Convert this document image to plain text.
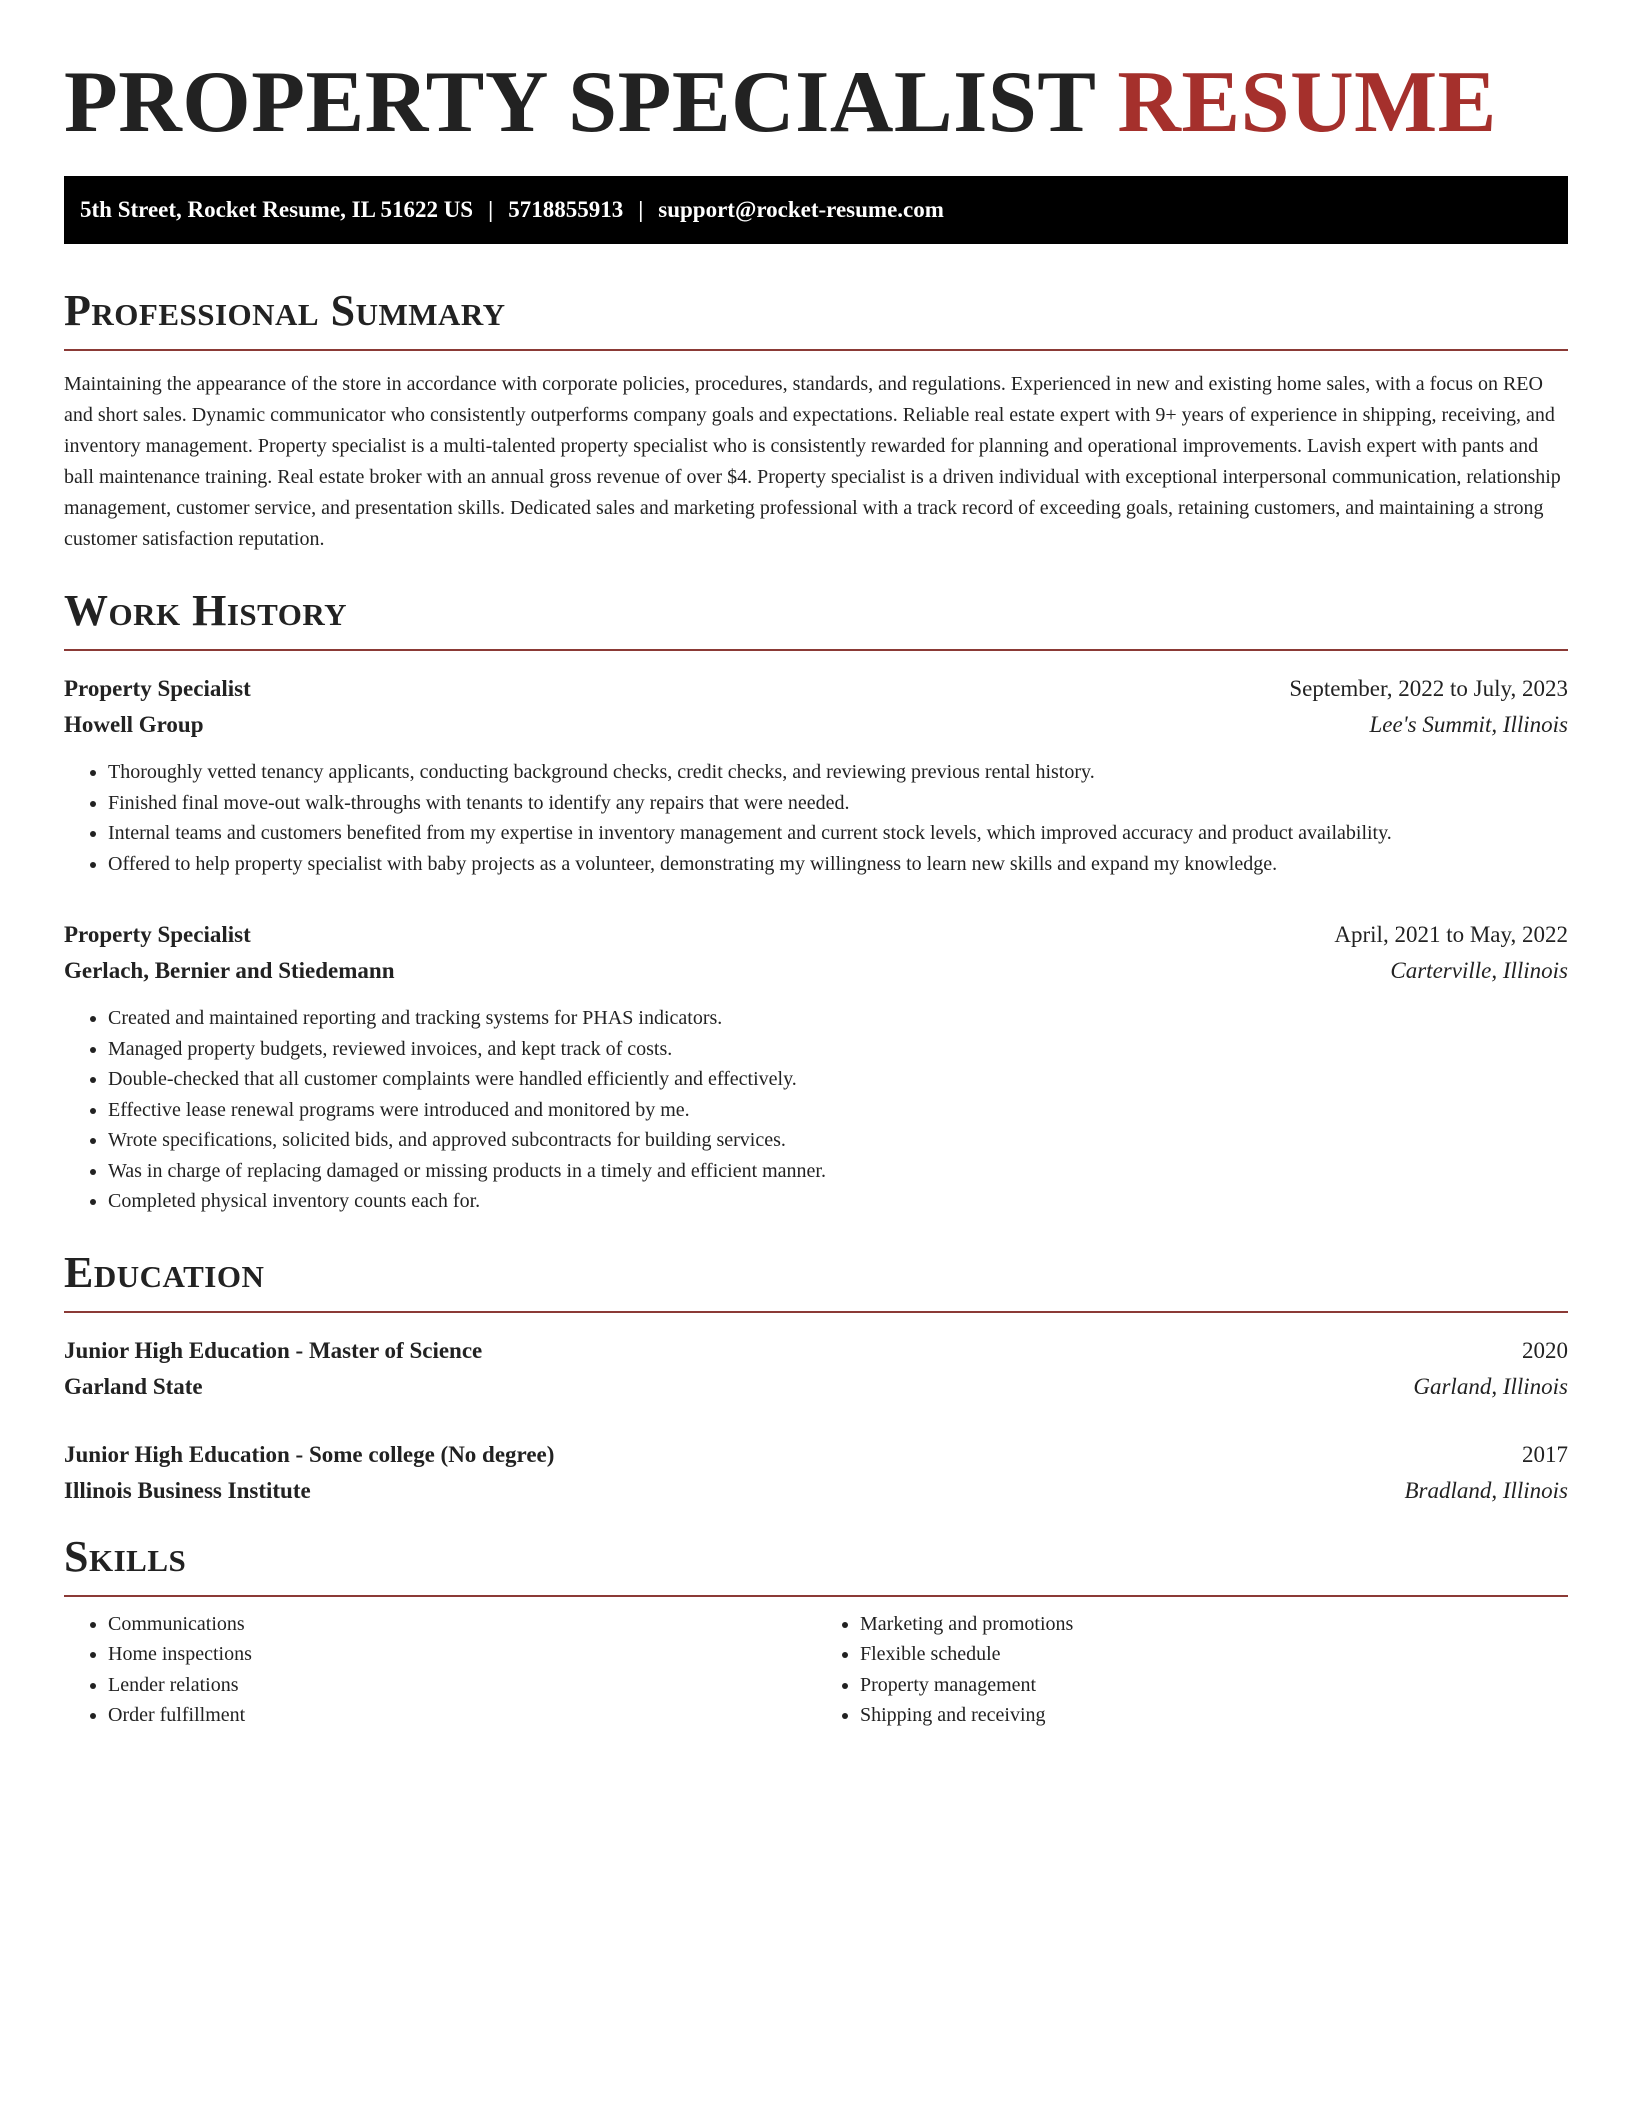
PROPERTY SPECIALIST RESUME
5th Street, Rocket Resume, IL 51622 US | 5718855913 | support@rocket-resume.com
Professional Summary

Maintaining the appearance of the store in accordance with corporate policies, procedures, standards, and regulations. Experienced in new and existing home sales, with a focus on REO and short sales. Dynamic communicator who consistently outperforms company goals and expectations. Reliable real estate expert with 9+ years of experience in shipping, receiving, and inventory management. Property specialist is a multi-talented property specialist who is consistently rewarded for planning and operational improvements. Lavish expert with pants and ball maintenance training. Real estate broker with an annual gross revenue of over $4. Property specialist is a driven individual with exceptional interpersonal communication, relationship management, customer service, and presentation skills. Dedicated sales and marketing professional with a track record of exceeding goals, retaining customers, and maintaining a strong customer satisfaction reputation.

Work History
Property Specialist	September, 2022 to July, 2023
Howell Group	Lee's Summit, Illinois
• Thoroughly vetted tenancy applicants, conducting background checks, credit checks, and reviewing previous rental history.
• Finished final move-out walk-throughs with tenants to identify any repairs that were needed.
• Internal teams and customers benefited from my expertise in inventory management and current stock levels, which improved accuracy and product availability.
• Offered to help property specialist with baby projects as a volunteer, demonstrating my willingness to learn new skills and expand my knowledge.
Property Specialist	April, 2021 to May, 2022
Gerlach, Bernier and Stiedemann	Carterville, Illinois
• Created and maintained reporting and tracking systems for PHAS indicators.
• Managed property budgets, reviewed invoices, and kept track of costs.
• Double-checked that all customer complaints were handled efficiently and effectively.
• Effective lease renewal programs were introduced and monitored by me.
• Wrote specifications, solicited bids, and approved subcontracts for building services.
• Was in charge of replacing damaged or missing products in a timely and efficient manner.
• Completed physical inventory counts each for.
Education
Junior High Education - Master of Science	2020
Garland State	Garland, Illinois
Junior High Education - Some college (No degree)	2017
Illinois Business Institute	Bradland, Illinois
Skills
• Communications
• Home inspections
• Lender relations
• Order fulfillment
• Marketing and promotions
• Flexible schedule
• Property management
• Shipping and receiving
